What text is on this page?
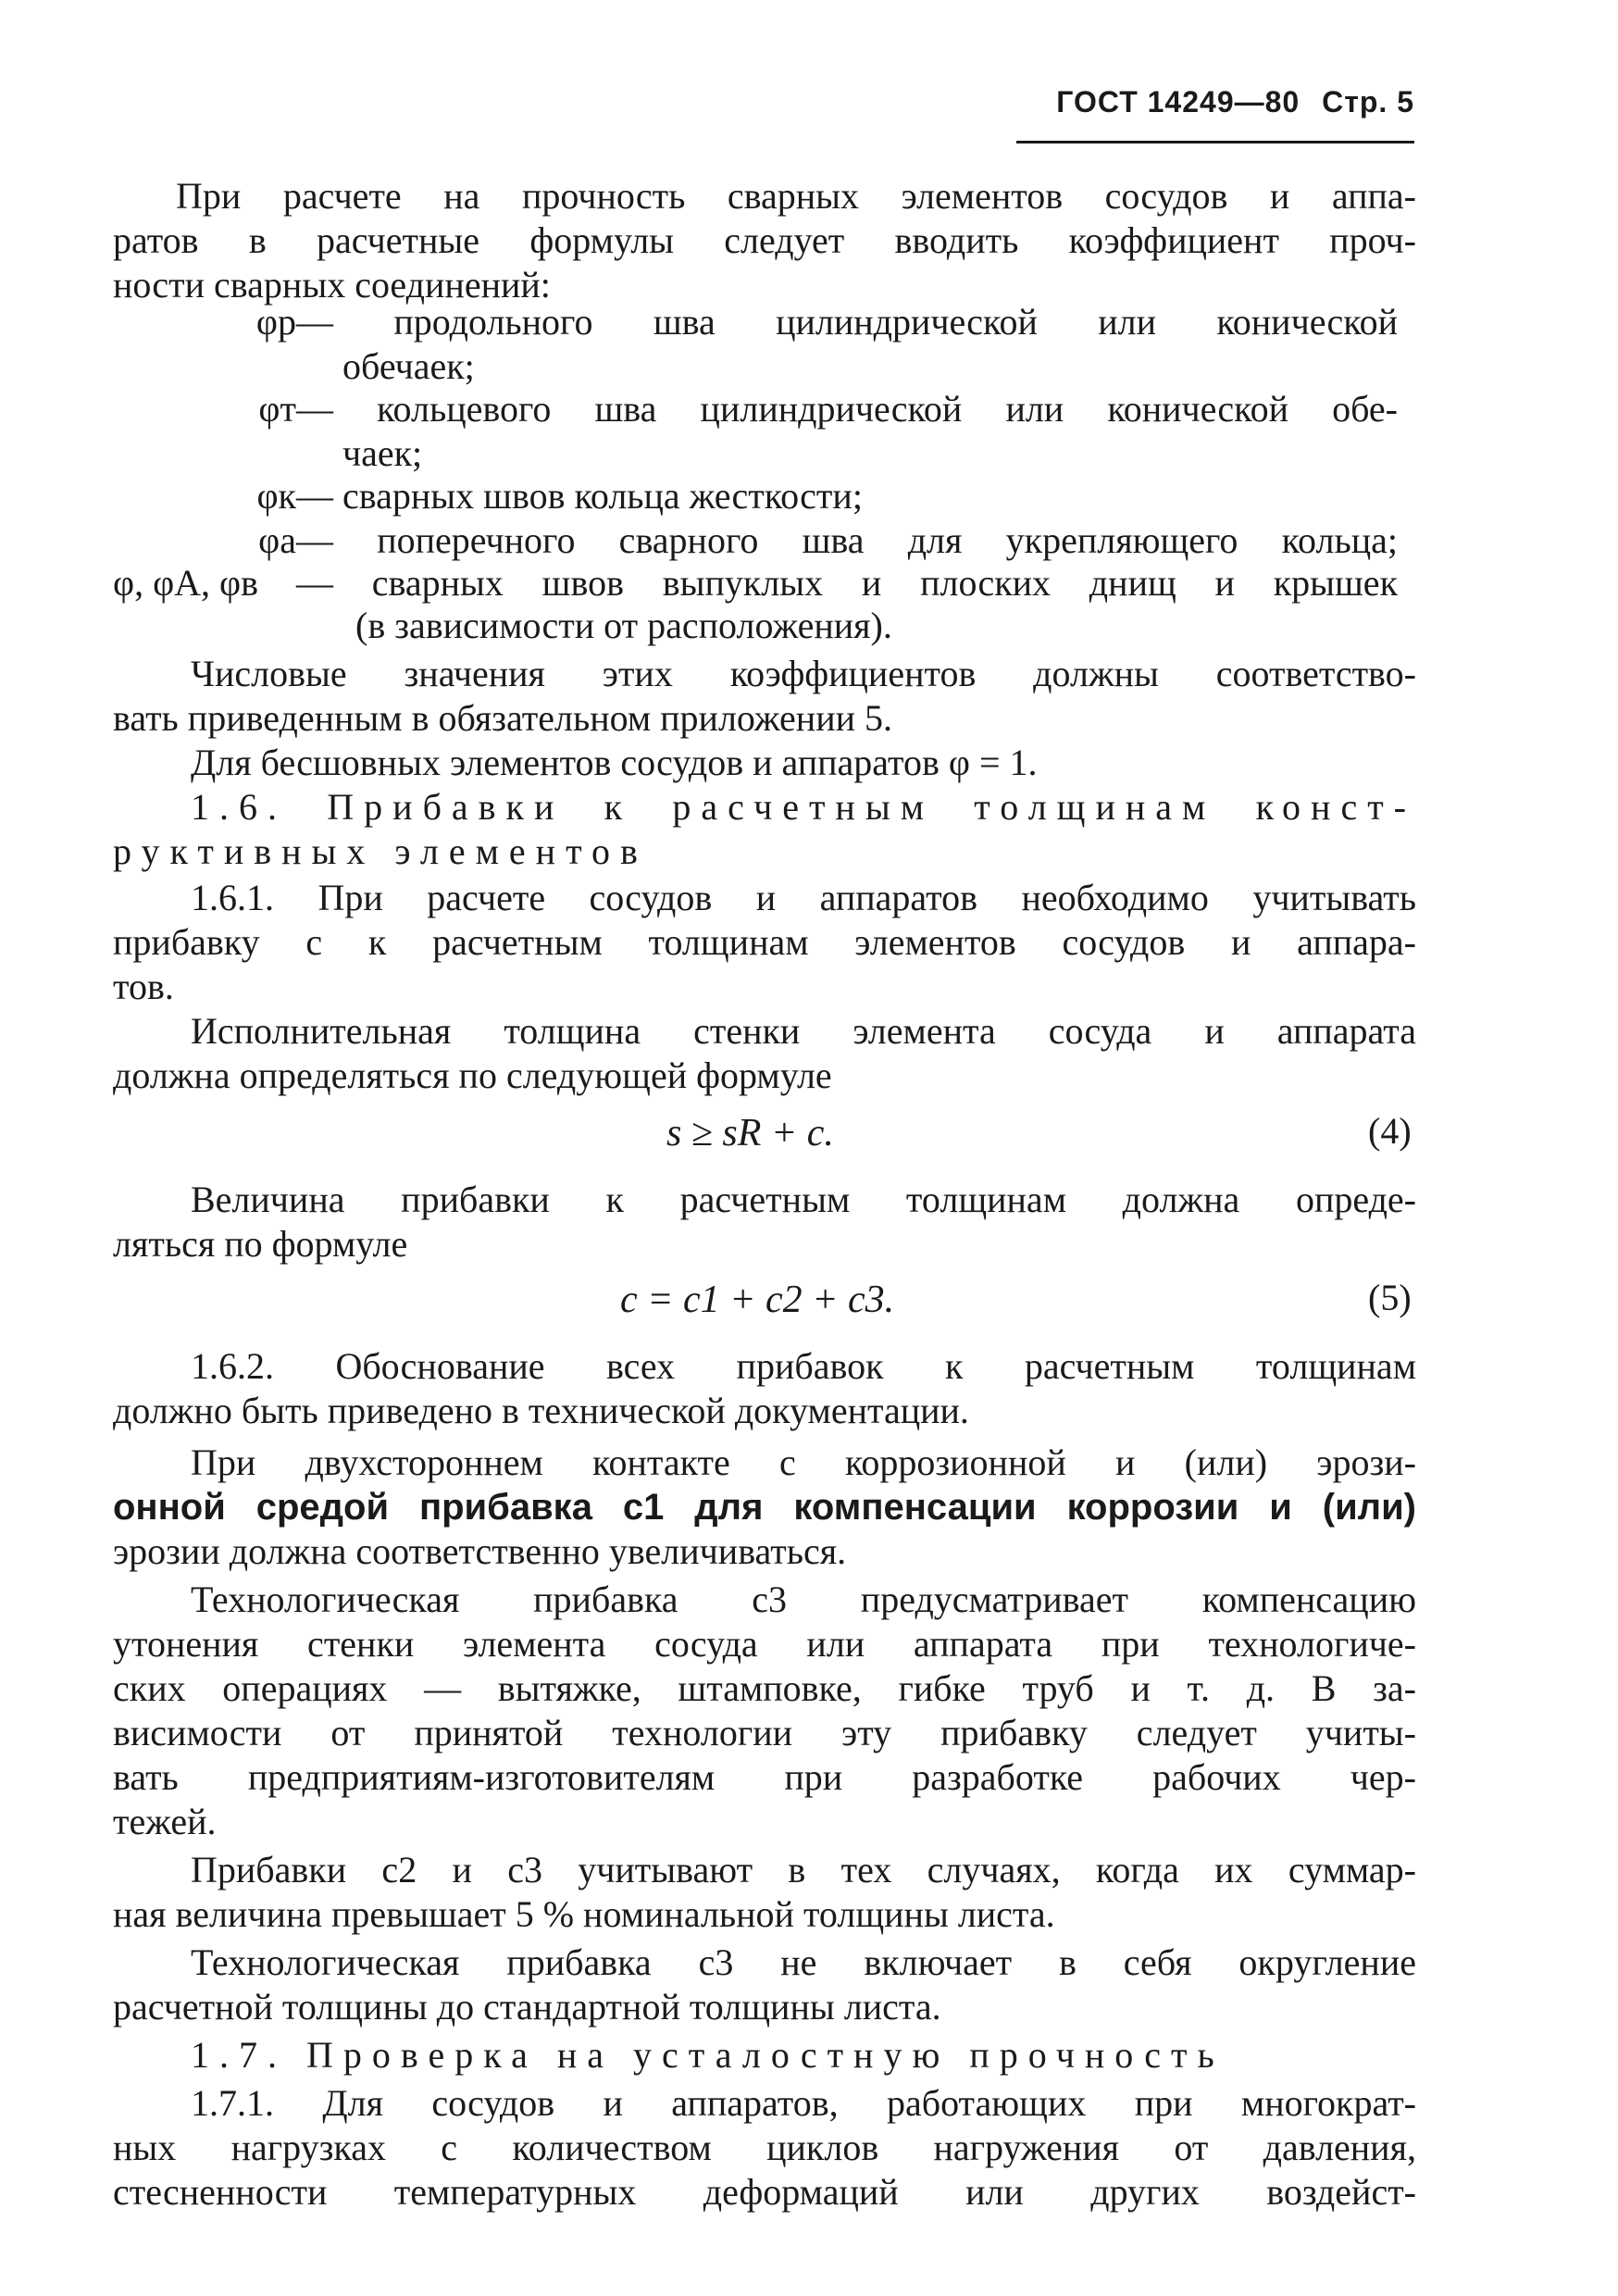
ГОСТ 14249—80 Стр. 5
При расчете на прочность сварных элементов сосудов и аппа-
ратов в расчетные формулы следует вводить коэффициент проч-
ности сварных соединений:
φр— продольного шва цилиндрической или конической
обечаек;
φт— кольцевого шва цилиндрической или конической обе-
чаек;
φк— сварных швов кольца жесткости;
φа— поперечного сварного шва для укрепляющего кольца;
φ, φА, φв — сварных швов выпуклых и плоских днищ и крышек
(в зависимости от расположения).
Числовые значения этих коэффициентов должны соответство-
вать приведенным в обязательном приложении 5.
Для бесшовных элементов сосудов и аппаратов φ = 1.
1.6. Прибавки к расчетным толщинам конст-
руктивных элементов
1.6.1. При расчете сосудов и аппаратов необходимо учитывать
прибавку c к расчетным толщинам элементов сосудов и аппара-
тов.
Исполнительная толщина стенки элемента сосуда и аппарата
должна определяться по следующей формуле
s ≥ sR + c.	(4)
Величина прибавки к расчетным толщинам должна опреде-
ляться по формуле
c = c1 + c2 + c3.	(5)
1.6.2. Обоснование всех прибавок к расчетным толщинам
должно быть приведено в технической документации.
При двухстороннем контакте с коррозионной и (или) эрози-
онной средой прибавка c1 для компенсации коррозии и (или)
эрозии должна соответственно увеличиваться.
Технологическая прибавка c3 предусматривает компенсацию
утонения стенки элемента сосуда или аппарата при технологиче-
ских операциях — вытяжке, штамповке, гибке труб и т. д. В за-
висимости от принятой технологии эту прибавку следует учиты-
вать предприятиям-изготовителям при разработке рабочих чер-
тежей.
Прибавки c2 и c3 учитывают в тех случаях, когда их суммар-
ная величина превышает 5 % номинальной толщины листа.
Технологическая прибавка c3 не включает в себя округление
расчетной толщины до стандартной толщины листа.
1.7. Проверка на усталостную прочность
1.7.1. Для сосудов и аппаратов, работающих при многократ-
ных нагрузках с количеством циклов нагружения от давления,
стесненности температурных деформаций или других воздейст-
